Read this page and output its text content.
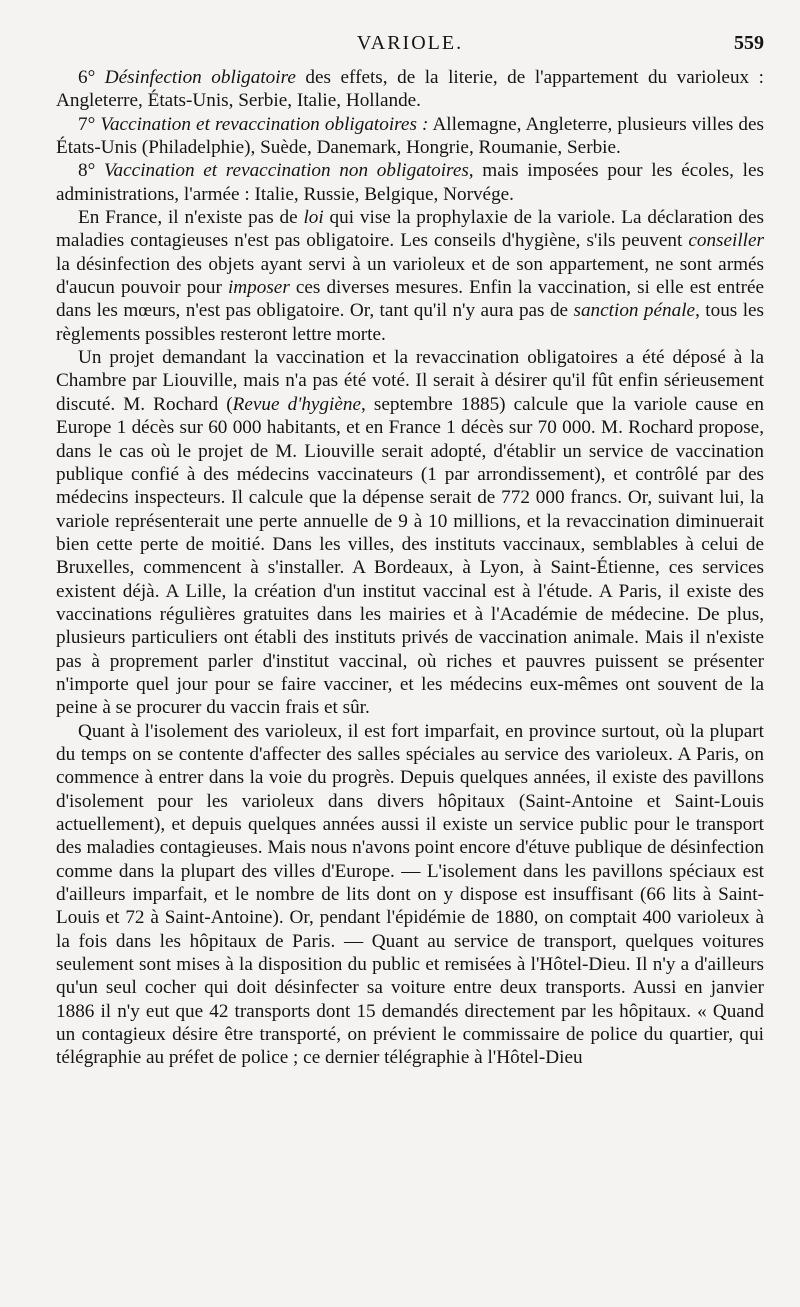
VARIOLE.	559

6° Désinfection obligatoire des effets, de la literie, de l'appartement du varioleux : Angleterre, États-Unis, Serbie, Italie, Hollande.

7° Vaccination et revaccination obligatoires : Allemagne, Angleterre, plusieurs villes des États-Unis (Philadelphie), Suède, Danemark, Hongrie, Roumanie, Serbie.

8° Vaccination et revaccination non obligatoires, mais imposées pour les écoles, les administrations, l'armée : Italie, Russie, Belgique, Norvége.

En France, il n'existe pas de loi qui vise la prophylaxie de la variole. La déclaration des maladies contagieuses n'est pas obligatoire. Les conseils d'hygiène, s'ils peuvent conseiller la désinfection des objets ayant servi à un varioleux et de son appartement, ne sont armés d'aucun pouvoir pour imposer ces diverses mesures. Enfin la vaccination, si elle est entrée dans les mœurs, n'est pas obligatoire. Or, tant qu'il n'y aura pas de sanction pénale, tous les règlements possibles resteront lettre morte.

Un projet demandant la vaccination et la revaccination obligatoires a été déposé à la Chambre par Liouville, mais n'a pas été voté. Il serait à désirer qu'il fût enfin sérieusement discuté. M. Rochard (Revue d'hygiène, septembre 1885) calcule que la variole cause en Europe 1 décès sur 60 000 habitants, et en France 1 décès sur 70 000. M. Rochard propose, dans le cas où le projet de M. Liouville serait adopté, d'établir un service de vaccination publique confié à des médecins vaccinateurs (1 par arrondissement), et contrôlé par des médecins inspecteurs. Il calcule que la dépense serait de 772 000 francs. Or, suivant lui, la variole représenterait une perte annuelle de 9 à 10 millions, et la revaccination diminuerait bien cette perte de moitié. Dans les villes, des instituts vaccinaux, semblables à celui de Bruxelles, commencent à s'installer. A Bordeaux, à Lyon, à Saint-Étienne, ces services existent déjà. A Lille, la création d'un institut vaccinal est à l'étude. A Paris, il existe des vaccinations régulières gratuites dans les mairies et à l'Académie de médecine. De plus, plusieurs particuliers ont établi des instituts privés de vaccination animale. Mais il n'existe pas à proprement parler d'institut vaccinal, où riches et pauvres puissent se présenter n'importe quel jour pour se faire vacciner, et les médecins eux-mêmes ont souvent de la peine à se procurer du vaccin frais et sûr.

Quant à l'isolement des varioleux, il est fort imparfait, en province surtout, où la plupart du temps on se contente d'affecter des salles spéciales au service des varioleux. A Paris, on commence à entrer dans la voie du progrès. Depuis quelques années, il existe des pavillons d'isolement pour les varioleux dans divers hôpitaux (Saint-Antoine et Saint-Louis actuellement), et depuis quelques années aussi il existe un service public pour le transport des maladies contagieuses. Mais nous n'avons point encore d'étuve publique de désinfection comme dans la plupart des villes d'Europe. — L'isolement dans les pavillons spéciaux est d'ailleurs imparfait, et le nombre de lits dont on y dispose est insuffisant (66 lits à Saint-Louis et 72 à Saint-Antoine). Or, pendant l'épidémie de 1880, on comptait 400 varioleux à la fois dans les hôpitaux de Paris. — Quant au service de transport, quelques voitures seulement sont mises à la disposition du public et remisées à l'Hôtel-Dieu. Il n'y a d'ailleurs qu'un seul cocher qui doit désinfecter sa voiture entre deux transports. Aussi en janvier 1886 il n'y eut que 42 transports dont 15 demandés directement par les hôpitaux. « Quand un contagieux désire être transporté, on prévient le commissaire de police du quartier, qui télégraphie au préfet de police ; ce dernier télégraphie à l'Hôtel-Dieu
